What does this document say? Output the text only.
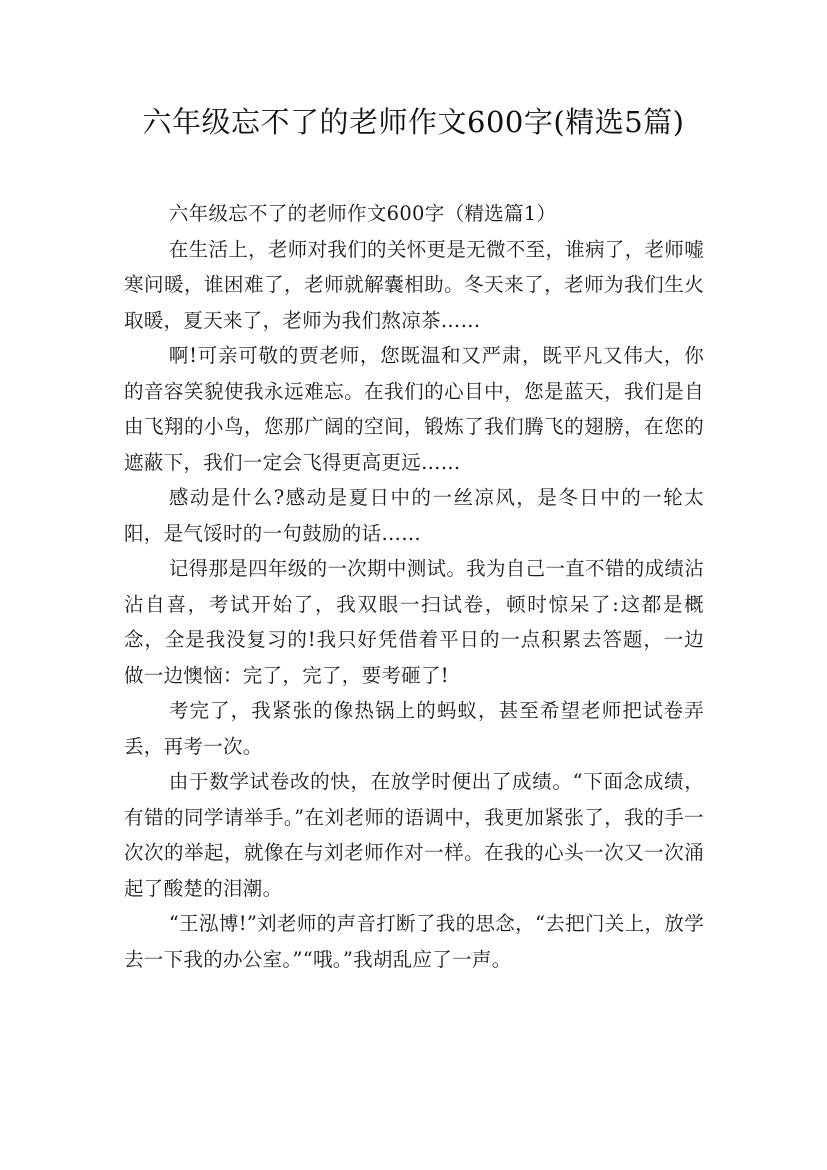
六年级忘不了的老师作文600字(精选5篇)

六年级忘不了的老师作文600字（精选篇1）

在生活上，老师对我们的关怀更是无微不至，谁病了，老师嘘寒问暖，谁困难了，老师就解囊相助。冬天来了，老师为我们生火取暖，夏天来了，老师为我们熬凉茶……

啊!可亲可敬的贾老师，您既温和又严肃，既平凡又伟大，你的音容笑貌使我永远难忘。在我们的心目中，您是蓝天，我们是自由飞翔的小鸟，您那广阔的空间，锻炼了我们腾飞的翅膀，在您的遮蔽下，我们一定会飞得更高更远……

感动是什么?感动是夏日中的一丝凉风，是冬日中的一轮太阳，是气馁时的一句鼓励的话……

记得那是四年级的一次期中测试。我为自己一直不错的成绩沾沾自喜，考试开始了，我双眼一扫试卷，顿时惊呆了:这都是概念，全是我没复习的!我只好凭借着平日的一点积累去答题，一边做一边懊恼：完了，完了，要考砸了!

考完了，我紧张的像热锅上的蚂蚁，甚至希望老师把试卷弄丢，再考一次。

由于数学试卷改的快，在放学时便出了成绩。“下面念成绩，有错的同学请举手。”在刘老师的语调中，我更加紧张了，我的手一次次的举起，就像在与刘老师作对一样。在我的心头一次又一次涌起了酸楚的泪潮。

“王泓博!”刘老师的声音打断了我的思念，“去把门关上，放学去一下我的办公室。”“哦。”我胡乱应了一声。
